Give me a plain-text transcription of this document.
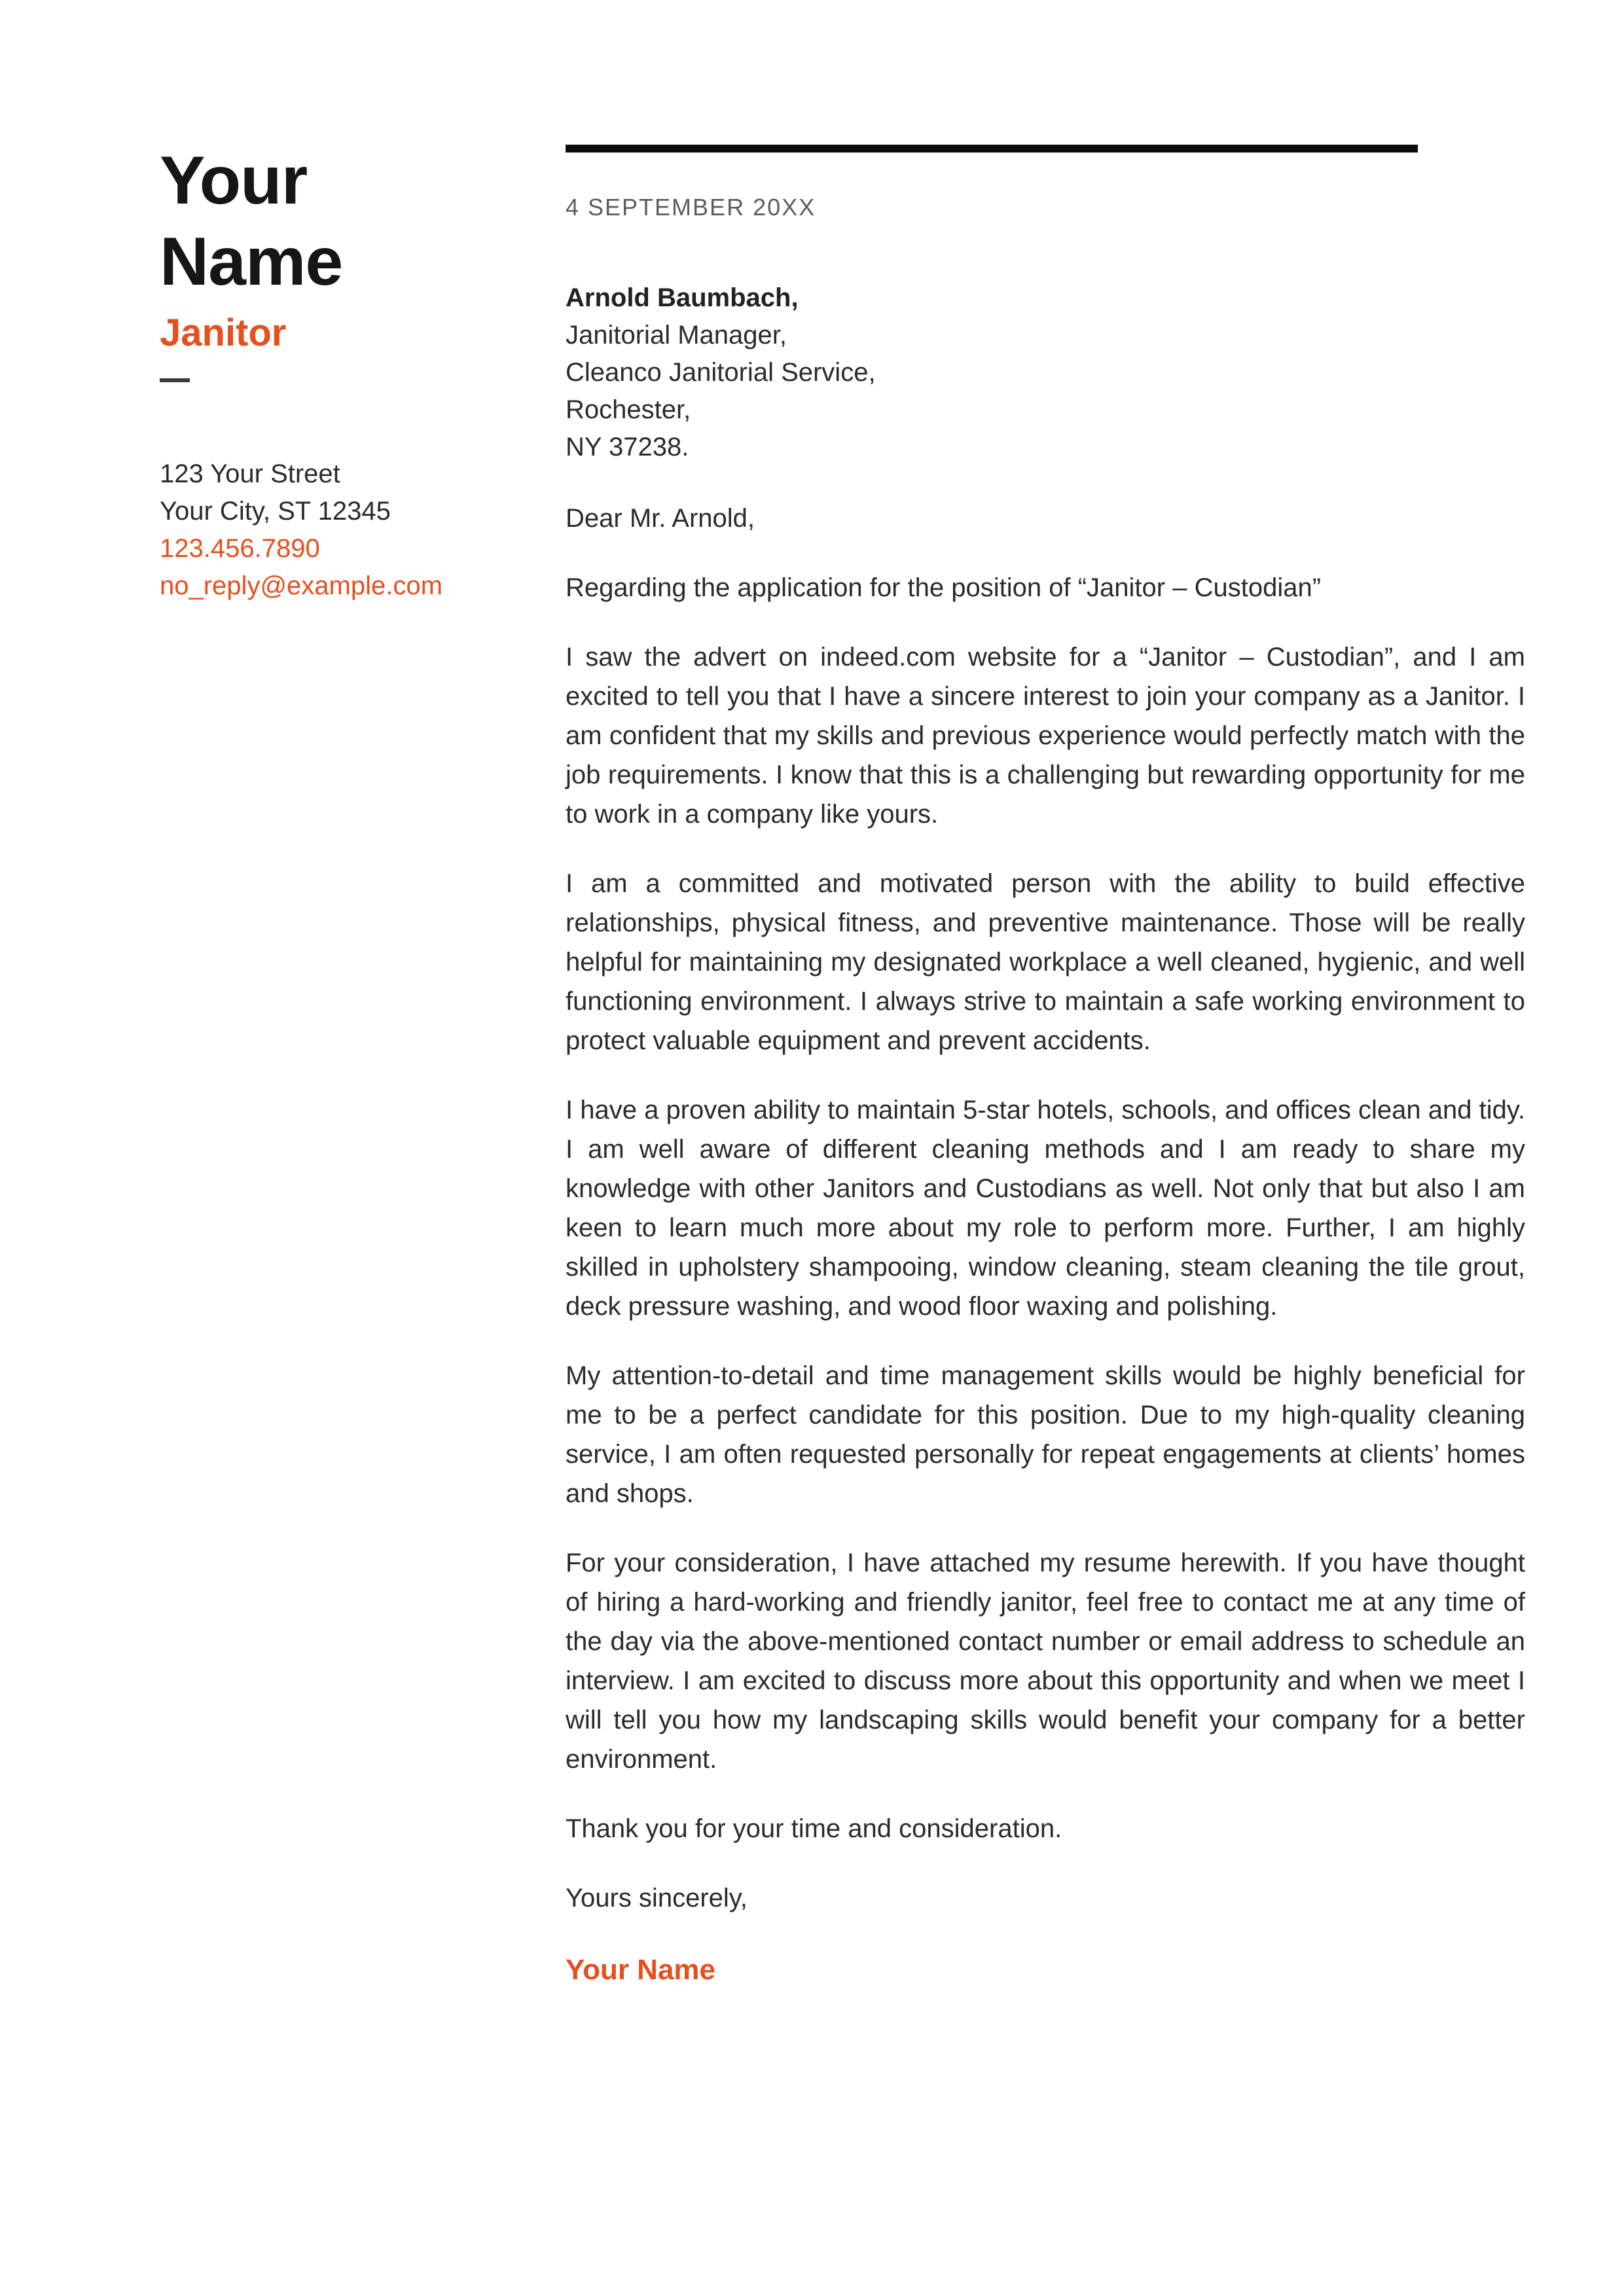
Your
Name
Janitor
123 Your Street
Your City, ST 12345
123.456.7890
no_reply@example.com
4 SEPTEMBER 20XX
Arnold Baumbach,
Janitorial Manager,
Cleanco Janitorial Service,
Rochester,
NY 37238.
Dear Mr. Arnold,
Regarding the application for the position of “Janitor – Custodian”

I saw the advert on indeed.com website for a “Janitor – Custodian”, and I am excited to tell you that I have a sincere interest to join your company as a Janitor. I am confident that my skills and previous experience would perfectly match with the job requirements. I know that this is a challenging but rewarding opportunity for me to work in a company like yours.

I am a committed and motivated person with the ability to build effective relationships, physical fitness, and preventive maintenance. Those will be really helpful for maintaining my designated workplace a well cleaned, hygienic, and well functioning environment. I always strive to maintain a safe working environment to protect valuable equipment and prevent accidents.

I have a proven ability to maintain 5-star hotels, schools, and offices clean and tidy. I am well aware of different cleaning methods and I am ready to share my knowledge with other Janitors and Custodians as well. Not only that but also I am keen to learn much more about my role to perform more. Further, I am highly skilled in upholstery shampooing, window cleaning, steam cleaning the tile grout, deck pressure washing, and wood floor waxing and polishing.

My attention-to-detail and time management skills would be highly beneficial for me to be a perfect candidate for this position. Due to my high-quality cleaning service, I am often requested personally for repeat engagements at clients’ homes and shops.

For your consideration, I have attached my resume herewith. If you have thought of hiring a hard-working and friendly janitor, feel free to contact me at any time of the day via the above-mentioned contact number or email address to schedule an interview. I am excited to discuss more about this opportunity and when we meet I will tell you how my landscaping skills would benefit your company for a better environment.

Thank you for your time and consideration.
Yours sincerely,
Your Name
